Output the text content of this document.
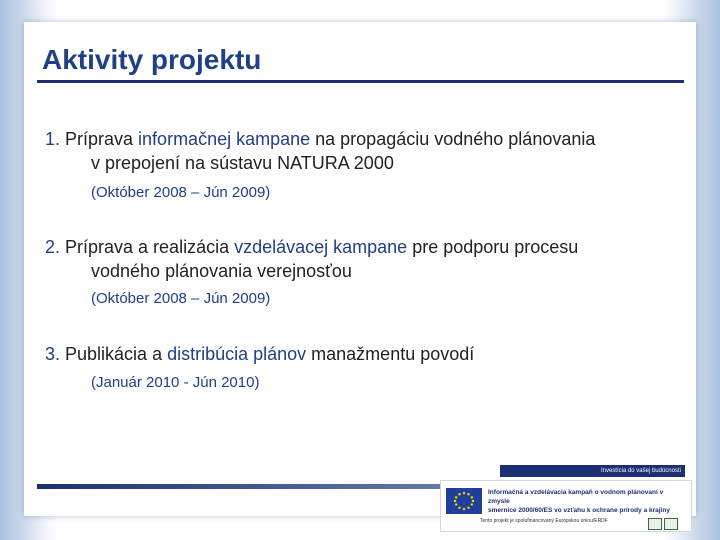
Aktivity projektu
1. Príprava informačnej kampane na propagáciu vodného plánovania
v prepojení na sústavu NATURA 2000
(Október 2008 – Jún 2009)
2. Príprava a realizácia vzdelávacej kampane pre podporu procesu
vodného plánovania verejnosťou
(Október 2008 – Jún 2009)
3. Publikácia a distribúcia plánov manažmentu povodí
(Január 2010 - Jún 2010)
Investícia do vašej budúcnosti
Informačná a vzdelávacia kampaň o vodnom plánovaní v zmysle
smernice 2000/60/ES vo vzťahu k ochrane prírody a krajiny
Tento projekt je spolufinancovaný Európskou úniou/ERDF
